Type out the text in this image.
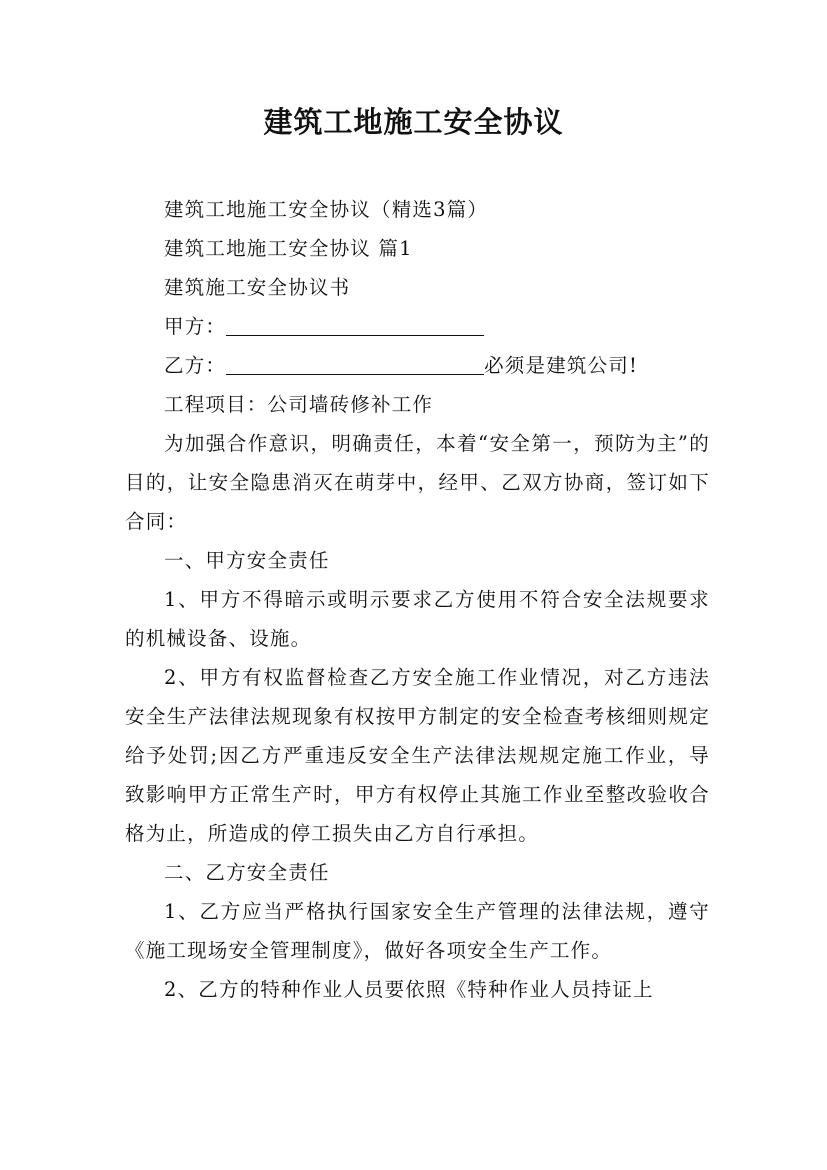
建筑工地施工安全协议

建筑工地施工安全协议（精选3篇）

建筑工地施工安全协议 篇1

建筑施工安全协议书

甲方：

乙方：	必须是建筑公司!

工程项目：公司墙砖修补工作

为加强合作意识，明确责任，本着“安全第一，预防为主”的目的，让安全隐患消灭在萌芽中，经甲、乙双方协商，签订如下合同：

一、甲方安全责任

1、甲方不得暗示或明示要求乙方使用不符合安全法规要求的机械设备、设施。

2、甲方有权监督检查乙方安全施工作业情况，对乙方违法安全生产法律法规现象有权按甲方制定的安全检查考核细则规定给予处罚;因乙方严重违反安全生产法律法规规定施工作业，导致影响甲方正常生产时，甲方有权停止其施工作业至整改验收合格为止，所造成的停工损失由乙方自行承担。

二、乙方安全责任

1、乙方应当严格执行国家安全生产管理的法律法规，遵守《施工现场安全管理制度》，做好各项安全生产工作。

2、乙方的特种作业人员要依照《特种作业人员持证上
